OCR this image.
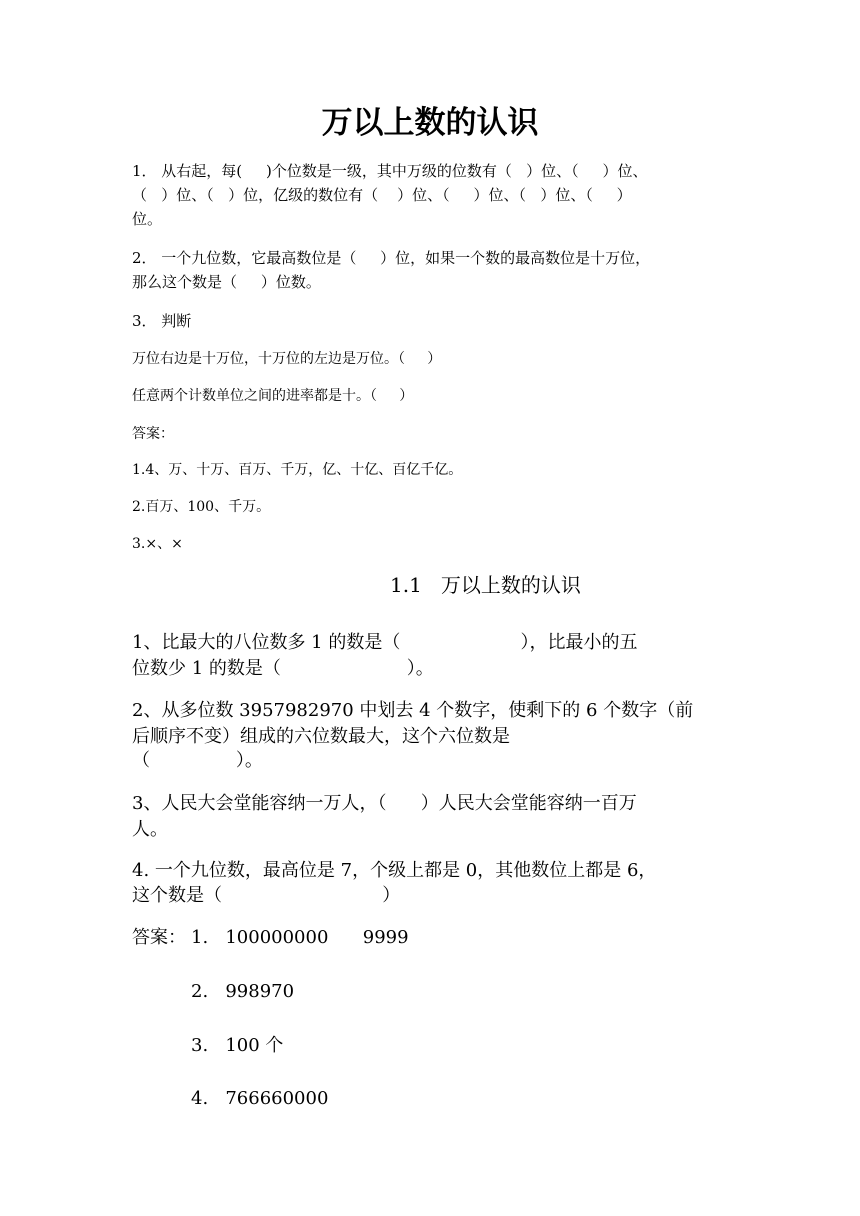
万以上数的认识
1． 从右起，每(     )个位数是一级，其中万级的位数有（   ）位、（     ）位、
（   ）位、（   ）位，亿级的数位有（    ）位、（     ）位、（   ）位、（     ）
位。
2． 一个九位数，它最高数位是（     ）位，如果一个数的最高数位是十万位，
那么这个数是（     ）位数。
3． 判断
万位右边是十万位，十万位的左边是万位。（     ）
任意两个计数单位之间的进率都是十。（     ）
答案：
1.4、万、十万、百万、千万，亿、十亿、百亿千亿。
2.百万、100、千万。
3.×、×
1.1   万以上数的认识
1、比最大的八位数多 1 的数是（                     ），比最小的五
位数少 1 的数是（                      ）。
2、从多位数 3957982970 中划去 4 个数字，使剩下的 6 个数字（前
后顺序不变）组成的六位数最大，这个六位数是
（               ）。
3、人民大会堂能容纳一万人，（      ）人民大会堂能容纳一百万
人。
4. 一个九位数，最高位是 7，个级上都是 0，其他数位上都是 6，
这个数是（                            ）
答案： 1.   100000000      9999
2.   998970
3.   100 个
4.   766660000
